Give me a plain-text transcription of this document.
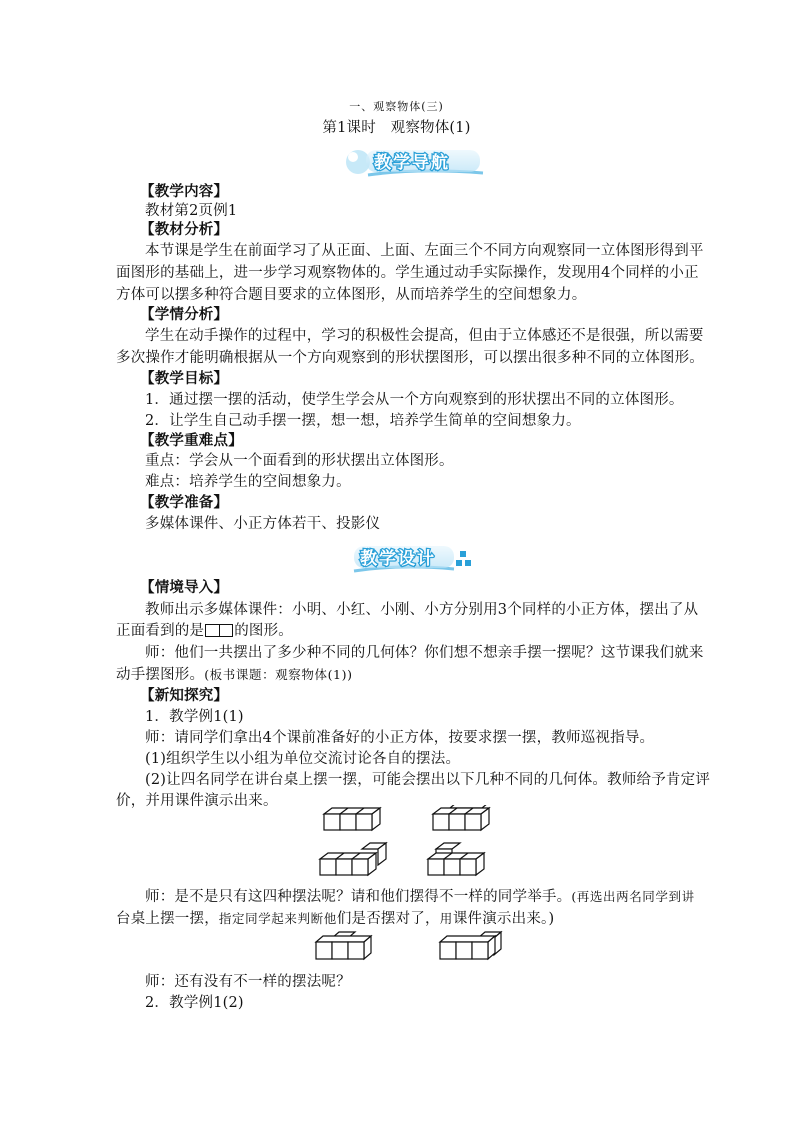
一、观察物体(三)
第1课时　观察物体(1)
教学导航
【教学内容】
教材第2页例1
【教材分析】
本节课是学生在前面学习了从正面、上面、左面三个不同方向观察同一立体图形得到平
面图形的基础上，进一步学习观察物体的。学生通过动手实际操作，发现用4个同样的小正
方体可以摆多种符合题目要求的立体图形，从而培养学生的空间想象力。
【学情分析】
学生在动手操作的过程中，学习的积极性会提高，但由于立体感还不是很强，所以需要
多次操作才能明确根据从一个方向观察到的形状摆图形，可以摆出很多种不同的立体图形。
【教学目标】
1．通过摆一摆的活动，使学生学会从一个方向观察到的形状摆出不同的立体图形。
2．让学生自己动手摆一摆，想一想，培养学生简单的空间想象力。
【教学重难点】
重点：学会从一个面看到的形状摆出立体图形。
难点：培养学生的空间想象力。
【教学准备】
多媒体课件、小正方体若干、投影仪
教学设计
【情境导入】
教师出示多媒体课件：小明、小红、小刚、小方分别用3个同样的小正方体，摆出了从
正面看到的是 的图形。
师：他们一共摆出了多少种不同的几何体？你们想不想亲手摆一摆呢？这节课我们就来
动手摆图形。(板书课题：观察物体(1))
【新知探究】
1．教学例1(1)
师：请同学们拿出4个课前准备好的小正方体，按要求摆一摆，教师巡视指导。
(1)组织学生以小组为单位交流讨论各自的摆法。
(2)让四名同学在讲台桌上摆一摆，可能会摆出以下几种不同的几何体。教师给予肯定评
价，并用课件演示出来。
师：是不是只有这四种摆法呢？请和他们摆得不一样的同学举手。(再选出两名同学到讲
台桌上摆一摆，指定同学起来判断他们是否摆对了，用课件演示出来。)
师：还有没有不一样的摆法呢？
2．教学例1(2)
